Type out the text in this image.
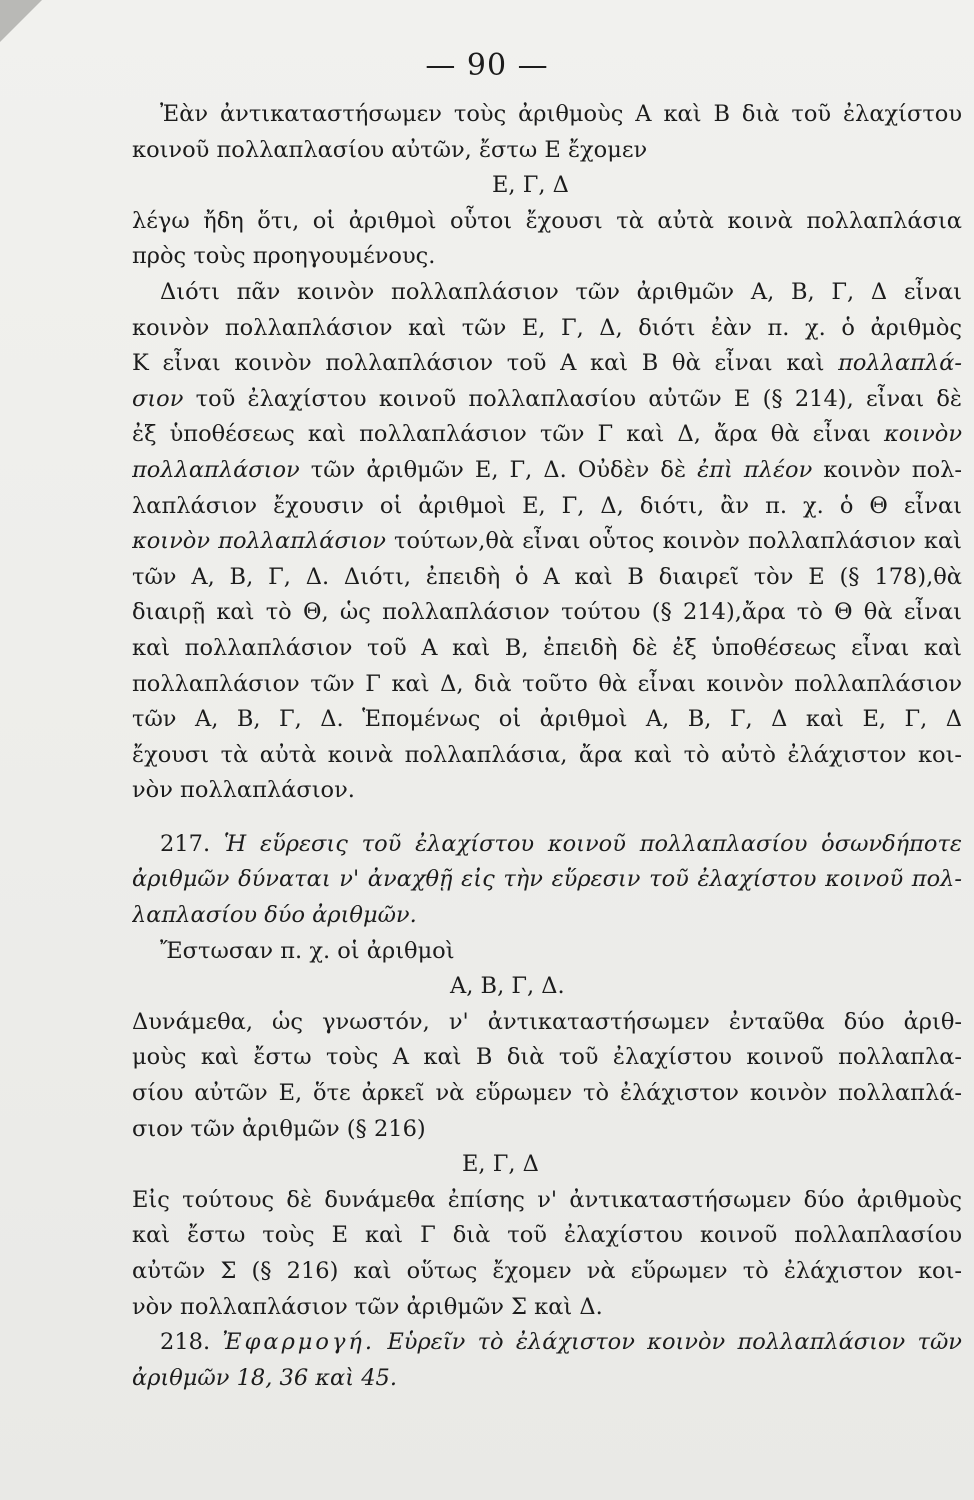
— 90 —
Ἐὰν ἀντικαταστήσωμεν τοὺς ἀριθμοὺς Α καὶ Β διὰ τοῦ ἐλαχίστου
κοινοῦ πολλαπλασίου αὐτῶν, ἔστω Ε ἔχομεν
Ε, Γ, Δ
λέγω ἤδη ὅτι, οἱ ἀριθμοὶ οὗτοι ἔχουσι τὰ αὐτὰ κοινὰ πολλαπλάσια
πρὸς τοὺς προηγουμένους.
Διότι πᾶν κοινὸν πολλαπλάσιον τῶν ἀριθμῶν Α, Β, Γ, Δ εἶναι
κοινὸν πολλαπλάσιον καὶ τῶν Ε, Γ, Δ, διότι ἐὰν π. χ. ὁ ἀριθμὸς
Κ εἶναι κοινὸν πολλαπλάσιον τοῦ Α καὶ Β θὰ εἶναι καὶ πολλαπλά-
σιον τοῦ ἐλαχίστου κοινοῦ πολλαπλασίου αὐτῶν Ε (§ 214), εἶναι δὲ
ἐξ ὑποθέσεως καὶ πολλαπλάσιον τῶν Γ καὶ Δ, ἄρα θὰ εἶναι κοινὸν
πολλαπλάσιον τῶν ἀριθμῶν Ε, Γ, Δ. Οὐδὲν δὲ ἐπὶ πλέον κοινὸν πολ-
λαπλάσιον ἔχουσιν οἱ ἀριθμοὶ Ε, Γ, Δ, διότι, ἂν π. χ. ὁ Θ εἶναι
κοινὸν πολλαπλάσιον τούτων,θὰ εἶναι οὗτος κοινὸν πολλαπλάσιον καὶ
τῶν Α, Β, Γ, Δ. Διότι, ἐπειδὴ ὁ Α καὶ Β διαιρεῖ τὸν Ε (§ 178),θὰ
διαιρῇ καὶ τὸ Θ, ὡς πολλαπλάσιον τούτου (§ 214),ἄρα τὸ Θ θὰ εἶναι
καὶ πολλαπλάσιον τοῦ Α καὶ Β, ἐπειδὴ δὲ ἐξ ὑποθέσεως εἶναι καὶ
πολλαπλάσιον τῶν Γ καὶ Δ, διὰ τοῦτο θὰ εἶναι κοινὸν πολλαπλάσιον
τῶν Α, Β, Γ, Δ. Ἑπομένως οἱ ἀριθμοὶ Α, Β, Γ, Δ καὶ Ε, Γ, Δ
ἔχουσι τὰ αὐτὰ κοινὰ πολλαπλάσια, ἄρα καὶ τὸ αὐτὸ ἐλάχιστον κοι-
νὸν πολλαπλάσιον.
217. Ἡ εὕρεσις τοῦ ἐλαχίστου κοινοῦ πολλαπλασίου ὁσωνδήποτε
ἀριθμῶν δύναται ν' ἀναχθῇ εἰς τὴν εὕρεσιν τοῦ ἐλαχίστου κοινοῦ πολ-
λαπλασίου δύο ἀριθμῶν.
Ἔστωσαν π. χ. οἱ ἀριθμοὶ
Α, Β, Γ, Δ.
Δυνάμεθα, ὡς γνωστόν, ν' ἀντικαταστήσωμεν ἐνταῦθα δύο ἀριθ-
μοὺς καὶ ἔστω τοὺς Α καὶ Β διὰ τοῦ ἐλαχίστου κοινοῦ πολλαπλα-
σίου αὐτῶν Ε, ὅτε ἀρκεῖ νὰ εὕρωμεν τὸ ἐλάχιστον κοινὸν πολλαπλά-
σιον τῶν ἀριθμῶν (§ 216)
Ε, Γ, Δ
Εἰς τούτους δὲ δυνάμεθα ἐπίσης ν' ἀντικαταστήσωμεν δύο ἀριθμοὺς
καὶ ἔστω τοὺς Ε καὶ Γ διὰ τοῦ ἐλαχίστου κοινοῦ πολλαπλασίου
αὐτῶν Σ (§ 216) καὶ οὕτως ἔχομεν νὰ εὕρωμεν τὸ ἐλάχιστον κοι-
νὸν πολλαπλάσιον τῶν ἀριθμῶν Σ καὶ Δ.
218. Ἐφαρμογή. Εὑρεῖν τὸ ἐλάχιστον κοινὸν πολλαπλάσιον τῶν
ἀριθμῶν 18, 36 καὶ 45.
